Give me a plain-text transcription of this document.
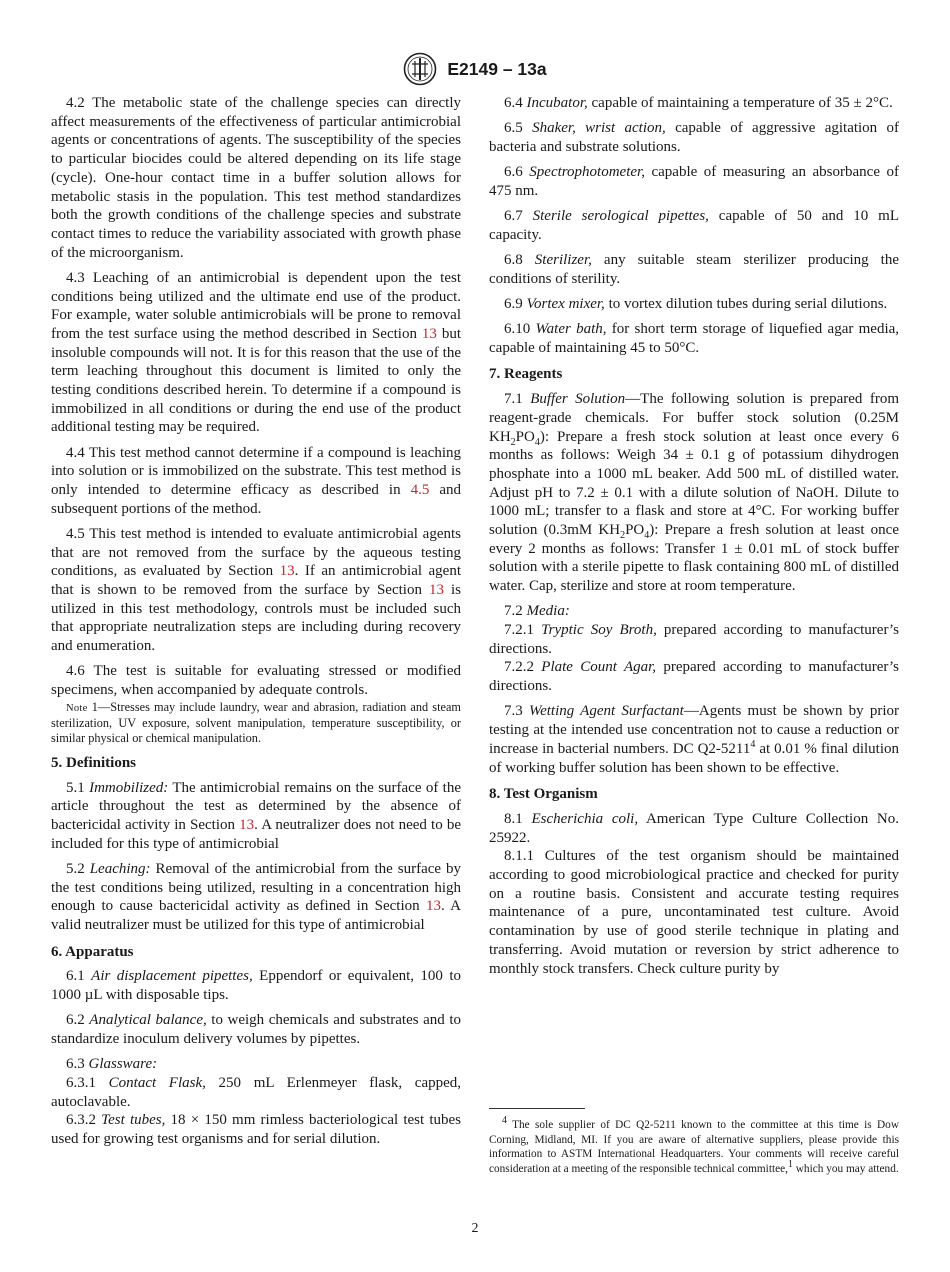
E2149 – 13a

4.2 The metabolic state of the challenge species can directly affect measurements of the effectiveness of particular antimicrobial agents or concentrations of agents. The susceptibility of the species to particular biocides could be altered depending on its life stage (cycle). One-hour contact time in a buffer solution allows for metabolic stasis in the population. This test method standardizes both the growth conditions of the challenge species and substrate contact times to reduce the variability associated with growth phase of the microorganism.

4.3 Leaching of an antimicrobial is dependent upon the test conditions being utilized and the ultimate end use of the product. For example, water soluble antimicrobials will be prone to removal from the test surface using the method described in Section 13 but insoluble compounds will not. It is for this reason that the use of the term leaching throughout this document is limited to only the testing conditions described herein. To determine if a compound is immobilized in all conditions or during the end use of the product additional testing may be required.

4.4 This test method cannot determine if a compound is leaching into solution or is immobilized on the substrate. This test method is only intended to determine efficacy as described in 4.5 and subsequent portions of the method.

4.5 This test method is intended to evaluate antimicrobial agents that are not removed from the surface by the aqueous testing conditions, as evaluated by Section 13. If an antimicrobial agent that is shown to be removed from the surface by Section 13 is utilized in this test methodology, controls must be included such that appropriate neutralization steps are including during recovery and enumeration.

4.6 The test is suitable for evaluating stressed or modified specimens, when accompanied by adequate controls.

Note 1—Stresses may include laundry, wear and abrasion, radiation and steam sterilization, UV exposure, solvent manipulation, temperature susceptibility, or similar physical or chemical manipulation.
5. Definitions

5.1 Immobilized: The antimicrobial remains on the surface of the article throughout the test as determined by the absence of bactericidal activity in Section 13. A neutralizer does not need to be included for this type of antimicrobial

5.2 Leaching: Removal of the antimicrobial from the surface by the test conditions being utilized, resulting in a concentration high enough to cause bactericidal activity as defined in Section 13. A valid neutralizer must be utilized for this type of antimicrobial

6. Apparatus

6.1 Air displacement pipettes, Eppendorf or equivalent, 100 to 1000 µL with disposable tips.

6.2 Analytical balance, to weigh chemicals and substrates and to standardize inoculum delivery volumes by pipettes.

6.3 Glassware:

6.3.1 Contact Flask, 250 mL Erlenmeyer flask, capped, autoclavable.

6.3.2 Test tubes, 18 × 150 mm rimless bacteriological test tubes used for growing test organisms and for serial dilution.

6.4 Incubator, capable of maintaining a temperature of 35 ± 2°C.

6.5 Shaker, wrist action, capable of aggressive agitation of bacteria and substrate solutions.

6.6 Spectrophotometer, capable of measuring an absorbance of 475 nm.

6.7 Sterile serological pipettes, capable of 50 and 10 mL capacity.

6.8 Sterilizer, any suitable steam sterilizer producing the conditions of sterility.

6.9 Vortex mixer, to vortex dilution tubes during serial dilutions.

6.10 Water bath, for short term storage of liquefied agar media, capable of maintaining 45 to 50°C.

7. Reagents

7.1 Buffer Solution—The following solution is prepared from reagent-grade chemicals. For buffer stock solution (0.25M $KH_2PO_4$): Prepare a fresh stock solution at least once every 6 months as follows: Weigh 34 ± 0.1 g of potassium dihydrogen phosphate into a 1000 mL beaker. Add 500 mL of distilled water. Adjust pH to 7.2 ± 0.1 with a dilute solution of NaOH. Dilute to 1000 mL; transfer to a flask and store at 4°C. For working buffer solution (0.3mM $KH_2PO_4$): Prepare a fresh solution at least once every 2 months as follows: Transfer 1 ± 0.01 mL of stock buffer solution with a sterile pipette to flask containing 800 mL of distilled water. Cap, sterilize and store at room temperature.

7.2 Media:

7.2.1 Tryptic Soy Broth, prepared according to manufacturer’s directions.

7.2.2 Plate Count Agar, prepared according to manufacturer’s directions.

7.3 Wetting Agent Surfactant—Agents must be shown by prior testing at the intended use concentration not to cause a reduction or increase in bacterial numbers. DC Q2-5211$^4$ at 0.01 % final dilution of working buffer solution has been shown to be effective.

8. Test Organism

8.1 Escherichia coli, American Type Culture Collection No. 25922.

8.1.1 Cultures of the test organism should be maintained according to good microbiological practice and checked for purity on a routine basis. Consistent and accurate testing requires maintenance of a pure, uncontaminated test culture. Avoid contamination by use of good sterile technique in plating and transferring. Avoid mutation or reversion by strict adherence to monthly stock transfers. Check culture purity by

$^4$ The sole supplier of DC Q2-5211 known to the committee at this time is Dow Corning, Midland, MI. If you are aware of alternative suppliers, please provide this information to ASTM International Headquarters. Your comments will receive careful consideration at a meeting of the responsible technical committee,$^1$ which you may attend.
2
